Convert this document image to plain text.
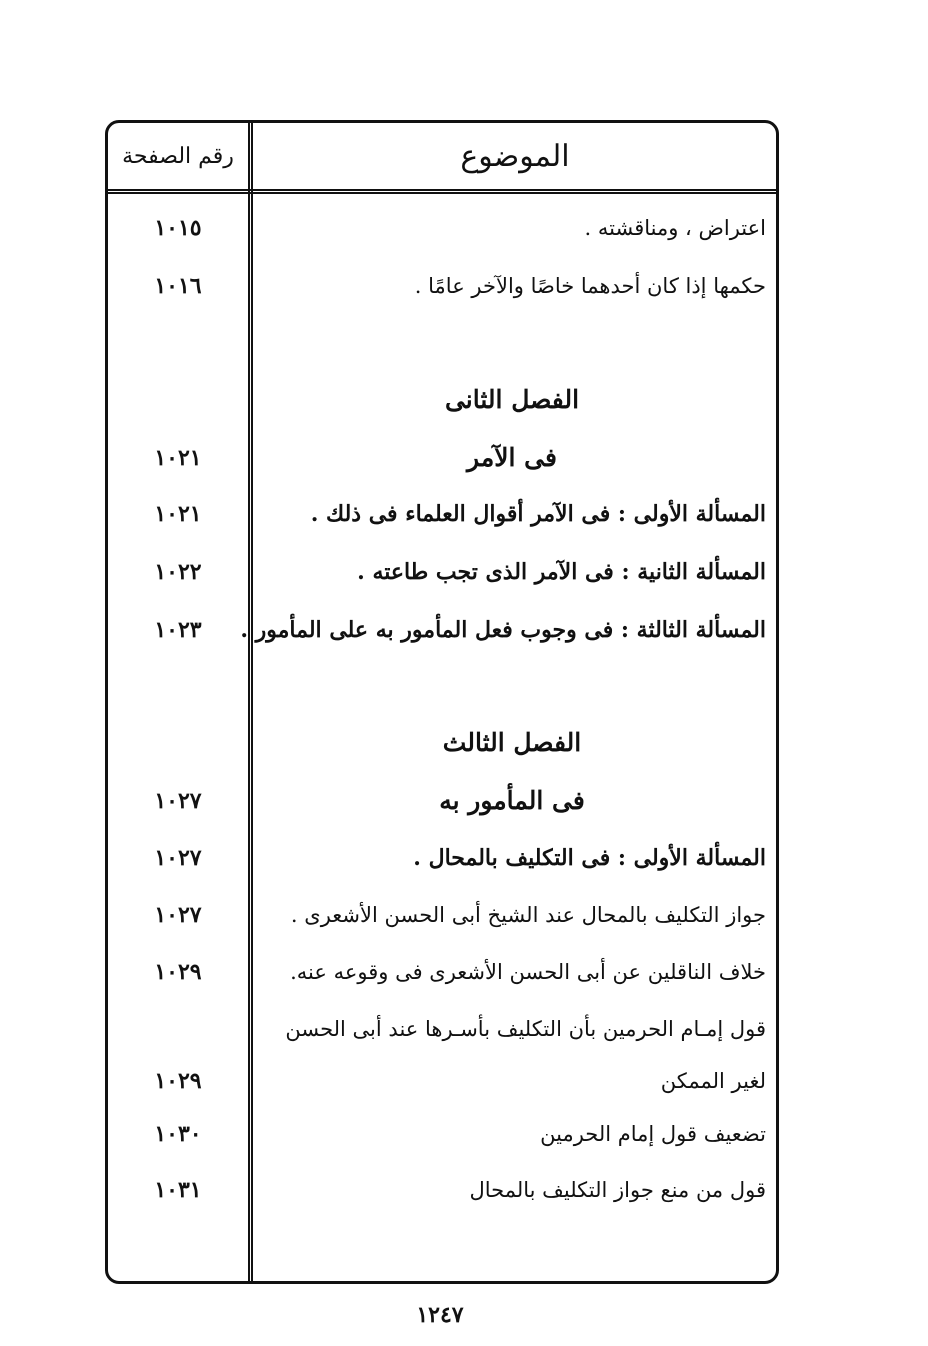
الموضوع
رقم الصفحة
اعتراض ، ومناقشته .
١٠١٥
حكمها إذا كان أحدهما خاصًا والآخر عامًا .
١٠١٦
الفصل الثانى
فى الآمر
١٠٢١
المسألة الأولى : فى الآمر أقوال العلماء فى ذلك .
١٠٢١
المسألة الثانية : فى الآمر الذى تجب طاعته .
١٠٢٢
المسألة الثالثة : فى وجوب فعل المأمور به على المأمور .
١٠٢٣
الفصل الثالث
فى المأمور به
١٠٢٧
المسألة الأولى : فى التكليف بالمحال .
١٠٢٧
جواز التكليف بالمحال عند الشيخ أبى الحسن الأشعرى .
١٠٢٧
خلاف الناقلين عن أبى الحسن الأشعرى فى وقوعه عنه.
١٠٢٩
قول إمـام الحرمين بأن التكليف بأسـرها عند أبى الحسن لغير الممكن
١٠٢٩
تضعيف قول إمام الحرمين
١٠٣٠
قول من منع جواز التكليف بالمحال
١٠٣١
١٢٤٧
